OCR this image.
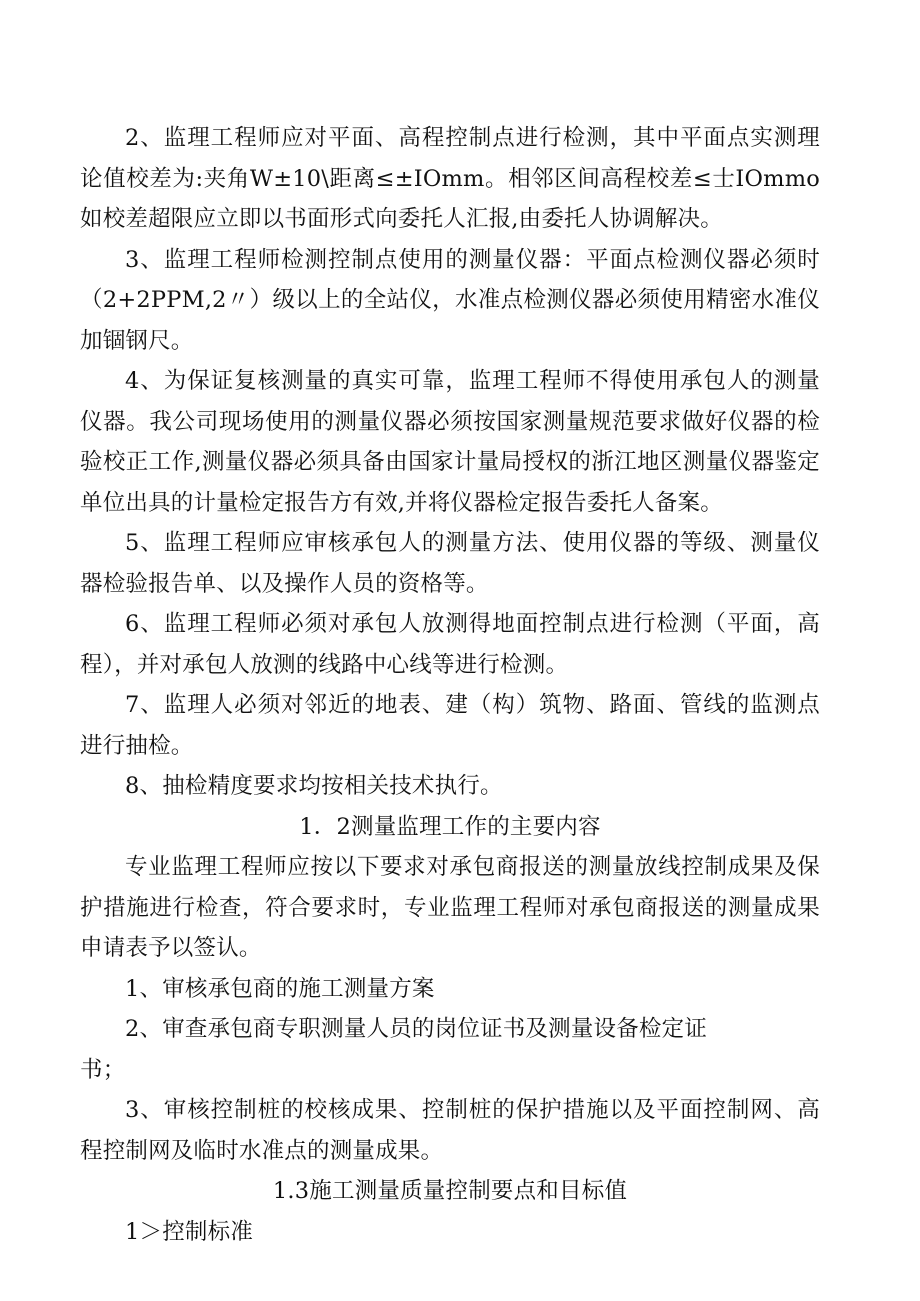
2、监理工程师应对平面、高程控制点进行检测，其中平面点实测理论值校差为:夹角W±10\距离≤±IOmm。相邻区间高程校差≤士IOmmo如校差超限应立即以书面形式向委托人汇报,由委托人协调解决。

3、监理工程师检测控制点使用的测量仪器：平面点检测仪器必须时（2+2PPM,2〃）级以上的全站仪，水准点检测仪器必须使用精密水准仪加锢钢尺。

4、为保证复核测量的真实可靠，监理工程师不得使用承包人的测量仪器。我公司现场使用的测量仪器必须按国家测量规范要求做好仪器的检验校正工作,测量仪器必须具备由国家计量局授权的浙江地区测量仪器鉴定单位出具的计量检定报告方有效,并将仪器检定报告委托人备案。

5、监理工程师应审核承包人的测量方法、使用仪器的等级、测量仪器检验报告单、以及操作人员的资格等。

6、监理工程师必须对承包人放测得地面控制点进行检测（平面，高程），并对承包人放测的线路中心线等进行检测。

7、监理人必须对邻近的地表、建（构）筑物、路面、管线的监测点进行抽检。

8、抽检精度要求均按相关技术执行。

1．2测量监理工作的主要内容

专业监理工程师应按以下要求对承包商报送的测量放线控制成果及保护措施进行检查，符合要求时，专业监理工程师对承包商报送的测量成果申请表予以签认。

1、审核承包商的施工测量方案

2、审查承包商专职测量人员的岗位证书及测量设备检定证

书；

3、审核控制桩的校核成果、控制桩的保护措施以及平面控制网、高程控制网及临时水准点的测量成果。

1.3施工测量质量控制要点和目标值

1＞控制标准
